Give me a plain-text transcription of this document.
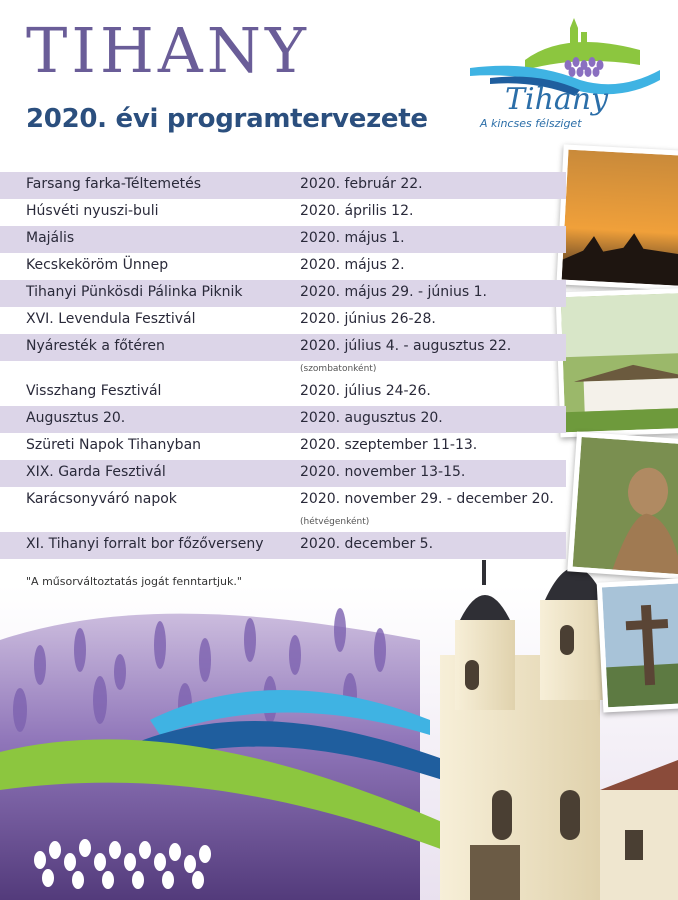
TIHANY
2020. évi programtervezete
Tihany
A kincses félsziget
Farsang farka-Téltemetés	2020. február 22.
Húsvéti nyuszi-buli	2020. április 12.
Majális	2020. május 1.
Kecskeköröm Ünnep	2020. május 2.
Tihanyi Pünkösdi Pálinka Piknik	2020. május 29. - június 1.
XVI. Levendula Fesztivál	2020. június 26-28.
Nyáresték a főtéren	2020. július 4. - augusztus 22.
(szombatonként)
Visszhang Fesztivál	2020. július 24-26.
Augusztus 20.	2020. augusztus 20.
Szüreti Napok Tihanyban	2020. szeptember 11-13.
XIX. Garda Fesztivál	2020. november 13-15.
Karácsonyváró napok	2020. november 29. - december 20.
(hétvégenként)
XI. Tihanyi forralt bor főzőverseny	2020. december 5.
"A műsorváltoztatás jogát fenntartjuk."
